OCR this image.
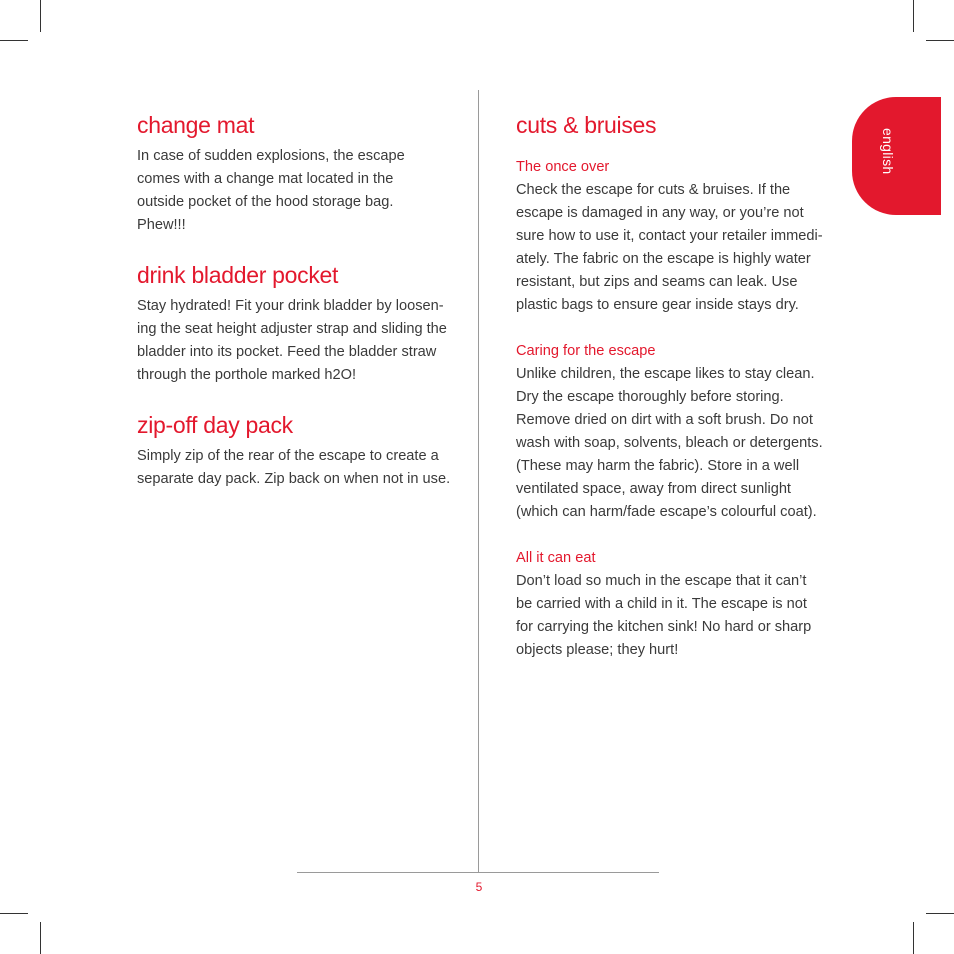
change mat

In case of sudden explosions, the escape
comes with a change mat located in the
outside pocket of the hood storage bag.
Phew!!!

drink bladder pocket

Stay hydrated! Fit your drink bladder by loosen-
ing the seat height adjuster strap and sliding the
bladder into its pocket. Feed the bladder straw
through the porthole marked h2O!

zip-off day pack

Simply zip of the rear of the escape to create a
separate day pack. Zip back on when not in use.

cuts & bruises

The once over

Check the escape for cuts & bruises. If the
escape is damaged in any way, or you’re not
sure how to use it, contact your retailer immedi-
ately. The fabric on the escape is highly water
resistant, but zips and seams can leak. Use
plastic bags to ensure gear inside stays dry.

Caring for the escape

Unlike children, the escape likes to stay clean.
Dry the escape thoroughly before storing.
Remove dried on dirt with a soft brush. Do not
wash with soap, solvents, bleach or detergents.
(These may harm the fabric). Store in a well
ventilated space, away from direct sunlight
(which can harm/fade escape’s colourful coat).

All it can eat

Don’t load so much in the escape that it can’t
be carried with a child in it. The escape is not
for carrying the kitchen sink! No hard or sharp
objects please; they hurt!

5
english
